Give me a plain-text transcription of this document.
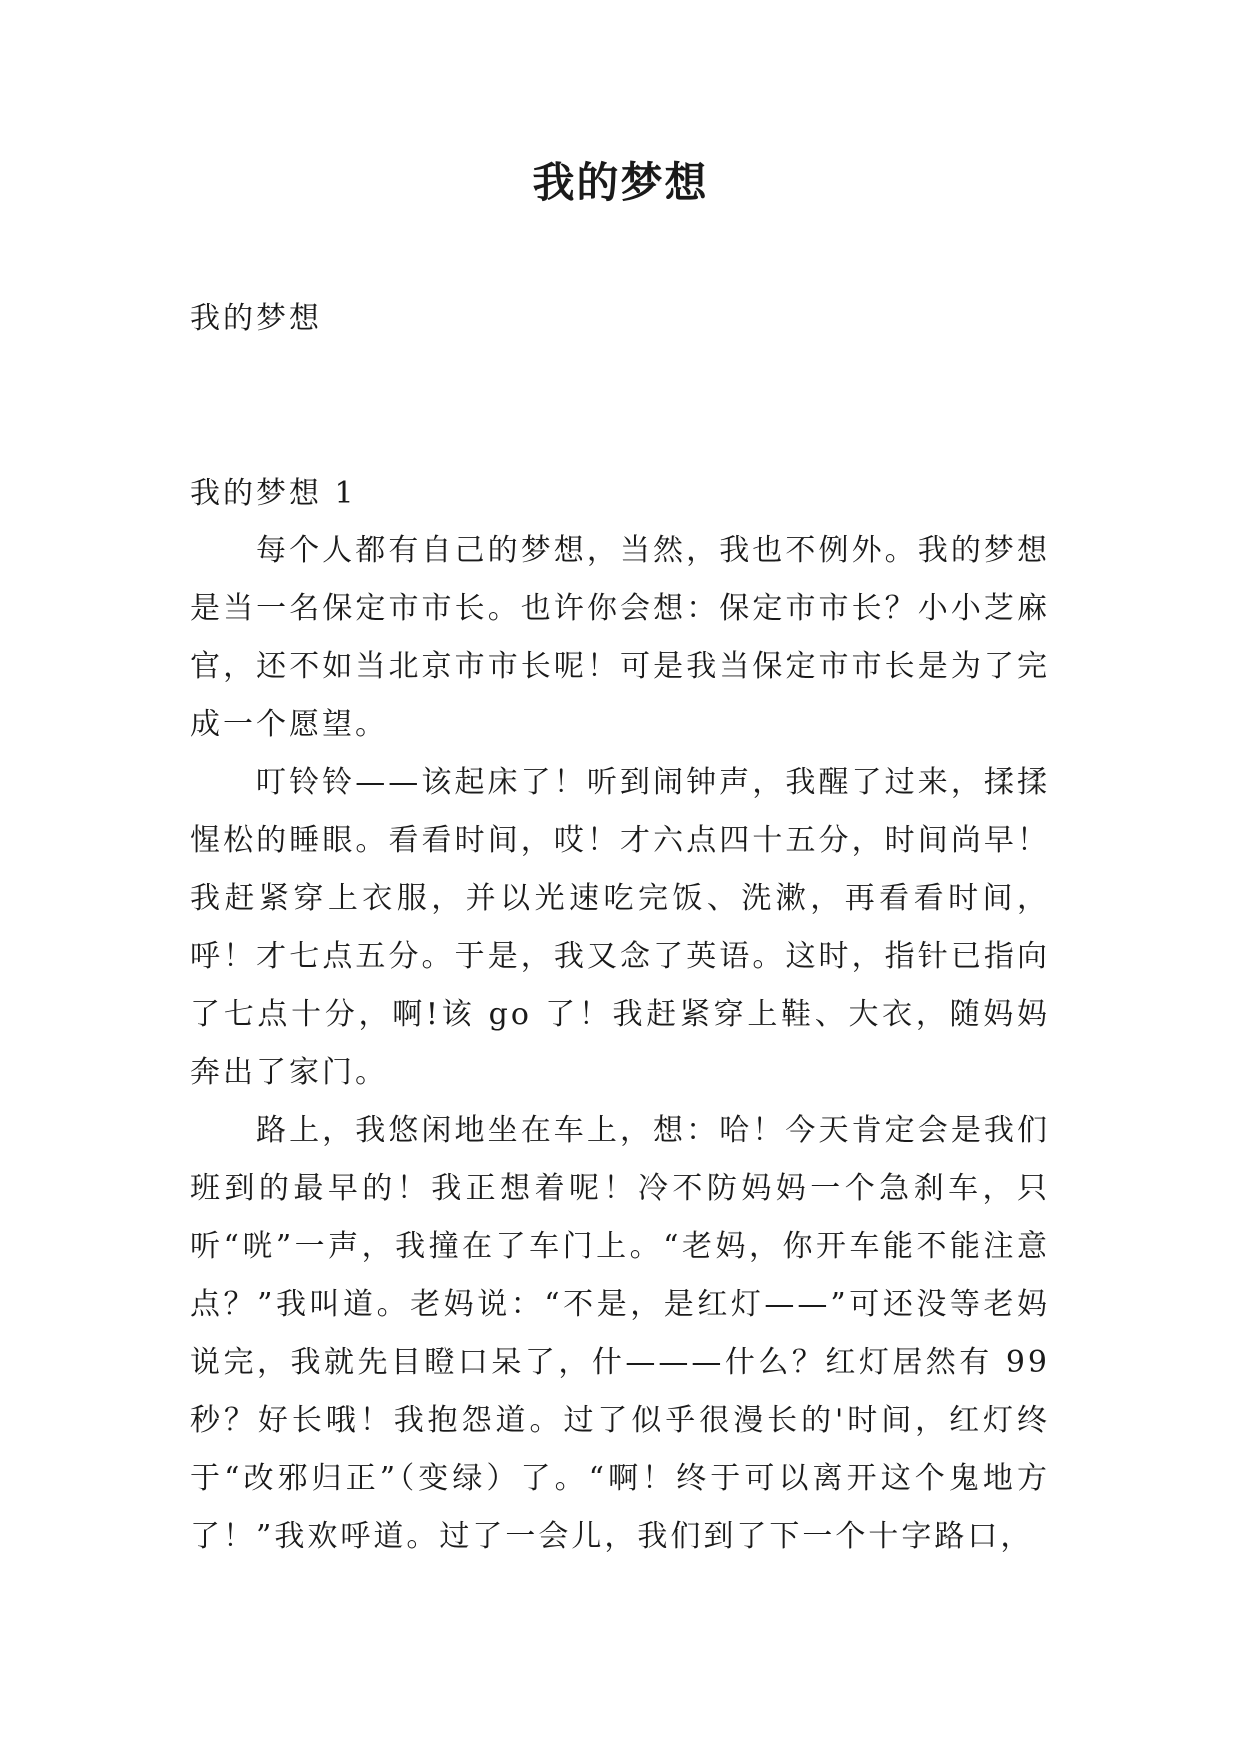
我的梦想
我的梦想
我的梦想 1

每个人都有自己的梦想，当然，我也不例外。我的梦想是当一名保定市市长。也许你会想：保定市市长？小小芝麻官，还不如当北京市市长呢！可是我当保定市市长是为了完成一个愿望。

叮铃铃——该起床了！听到闹钟声，我醒了过来，揉揉惺松的睡眼。看看时间，哎！才六点四十五分，时间尚早！我赶紧穿上衣服，并以光速吃完饭、洗漱，再看看时间，呼！才七点五分。于是，我又念了英语。这时，指针已指向了七点十分，啊!该 go 了！我赶紧穿上鞋、大衣，随妈妈奔出了家门。

路上，我悠闲地坐在车上，想：哈！今天肯定会是我们班到的最早的！我正想着呢！冷不防妈妈一个急刹车，只听“咣”一声，我撞在了车门上。“老妈，你开车能不能注意点？”我叫道。老妈说：“不是，是红灯——”可还没等老妈说完，我就先目瞪口呆了，什———什么？红灯居然有 99 秒？好长哦！我抱怨道。过了似乎很漫长的'时间，红灯终于“改邪归正”（变绿）了。“啊！终于可以离开这个鬼地方了！”我欢呼道。过了一会儿，我们到了下一个十字路口，
